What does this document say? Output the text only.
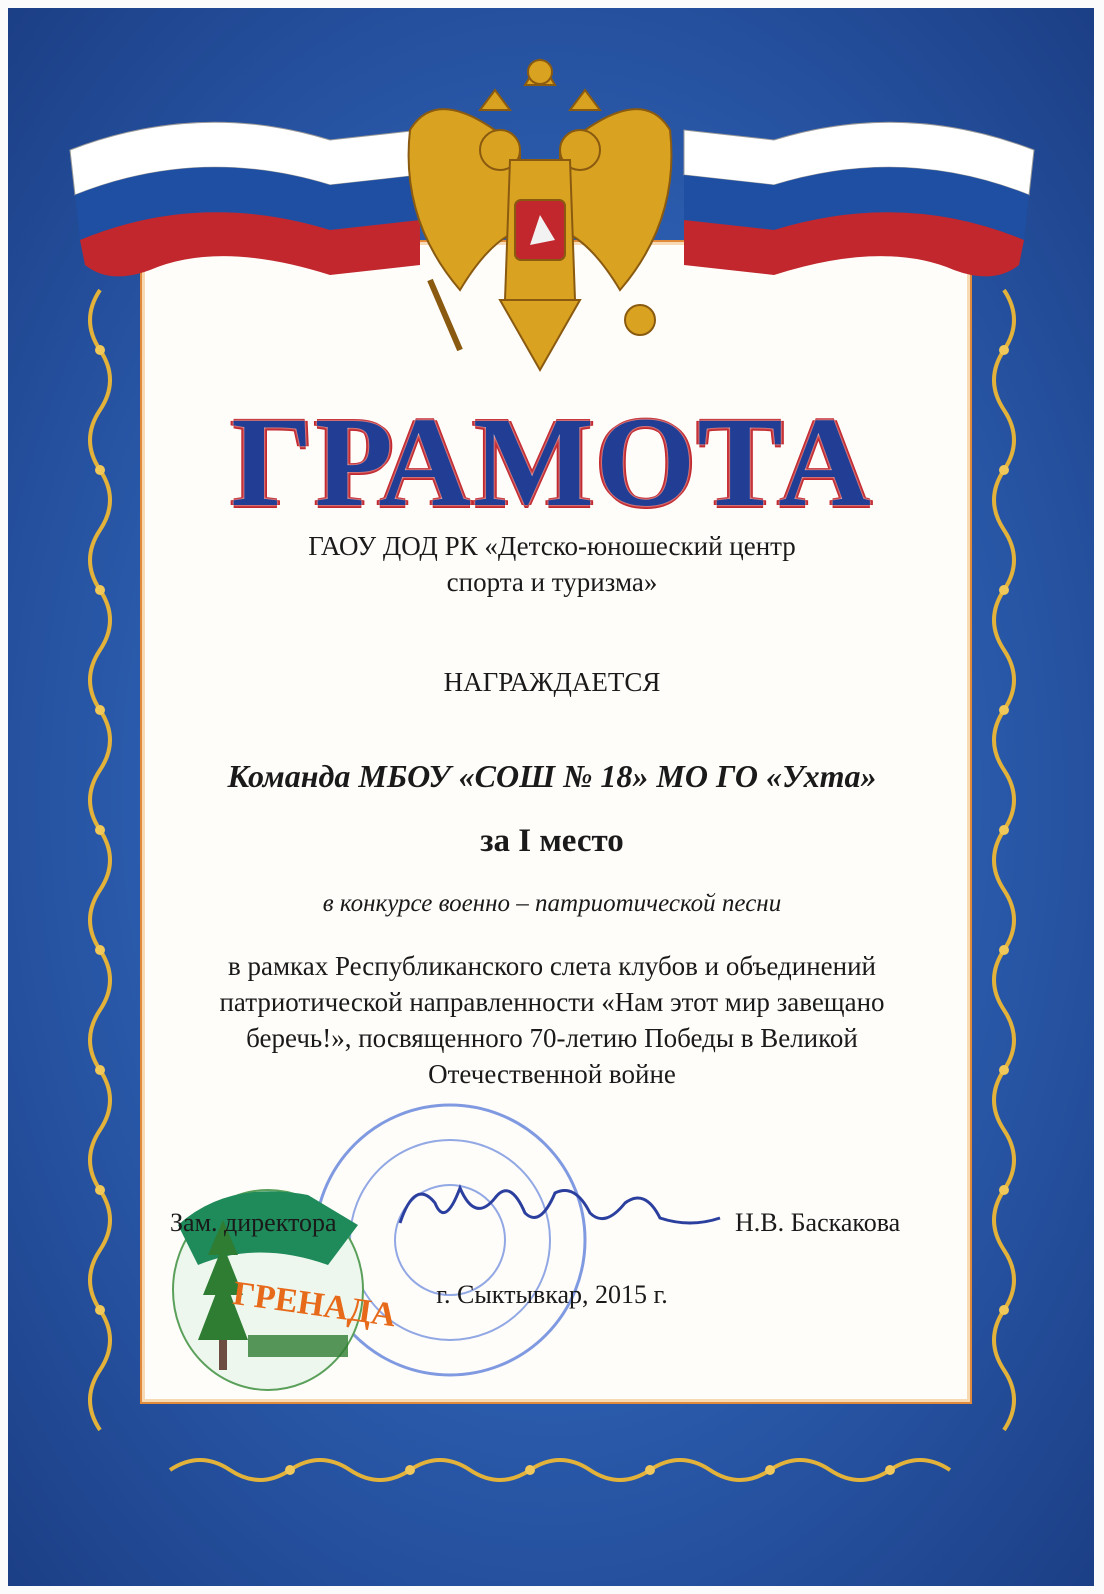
ГРАМОТА
ГАОУ ДОД РК «Детско-юношеский центр спорта и туризма»
НАГРАЖДАЕТСЯ
Команда МБОУ «СОШ № 18» МО ГО «Ухта»
за I место
в конкурсе военно – патриотической песни
в рамках Республиканского слета клубов и объединений патриотической направленности «Нам этот мир завещано беречь!», посвященного 70-летию Победы в Великой Отечественной войне
ГРЕНАДА
Зам. директора	Н.В. Баскакова
г. Сыктывкар, 2015 г.
